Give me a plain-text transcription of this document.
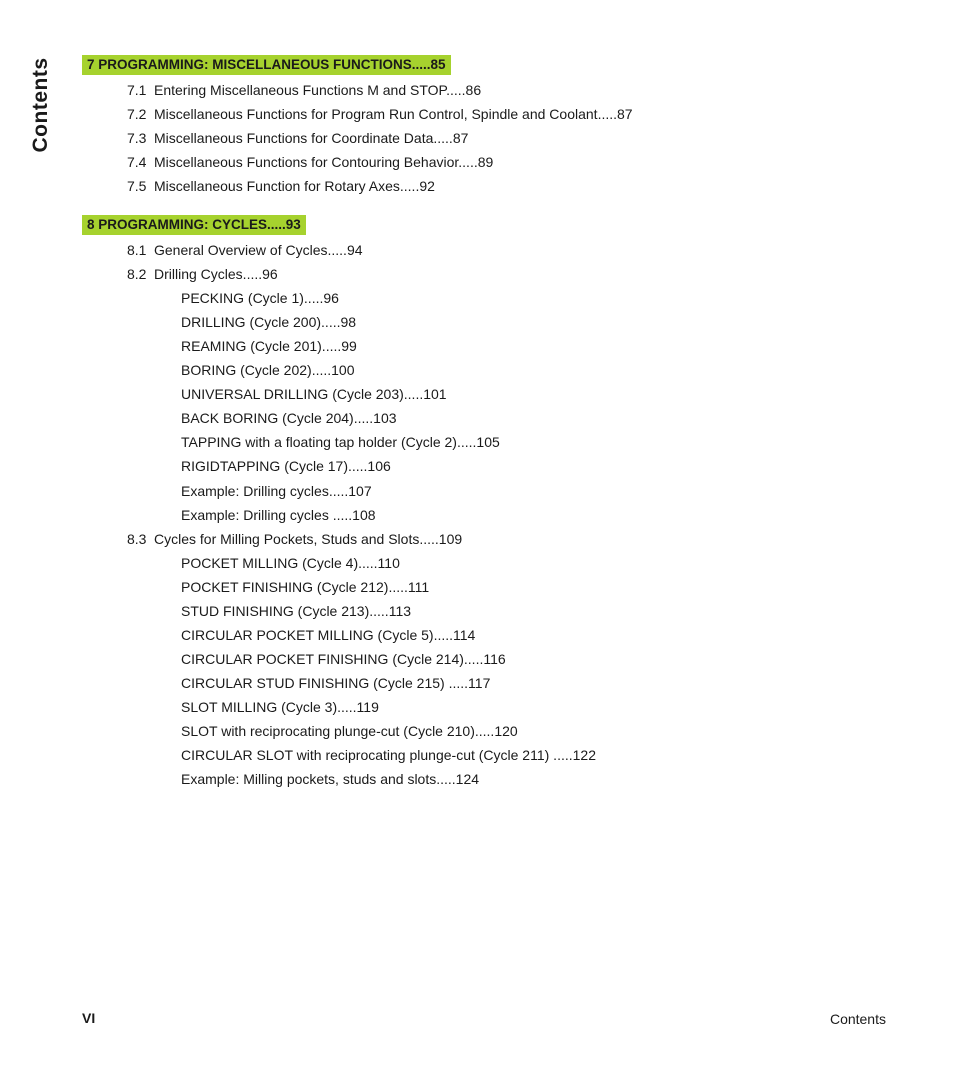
Contents	7 PROGRAMMING: MISCELLANEOUS FUNCTIONS.....85
7.1 Entering Miscellaneous Functions M and STOP.....86
7.2 Miscellaneous Functions for Program Run Control, Spindle and Coolant.....87
7.3 Miscellaneous Functions for Coordinate Data.....87
7.4 Miscellaneous Functions for Contouring Behavior.....89
7.5 Miscellaneous Function for Rotary Axes.....92
8 PROGRAMMING: CYCLES.....93
8.1 General Overview of Cycles.....94
8.2 Drilling Cycles.....96
PECKING (Cycle 1).....96
DRILLING (Cycle 200).....98
REAMING (Cycle 201).....99
BORING (Cycle 202).....100
UNIVERSAL DRILLING (Cycle 203).....101
BACK BORING (Cycle 204).....103
TAPPING with a floating tap holder (Cycle 2).....105
RIGIDTAPPING (Cycle 17).....106
Example: Drilling cycles.....107
Example: Drilling cycles .....108
8.3 Cycles for Milling Pockets, Studs and Slots.....109
POCKET MILLING (Cycle 4).....110
POCKET FINISHING (Cycle 212).....111
STUD FINISHING (Cycle 213).....113
CIRCULAR POCKET MILLING (Cycle 5).....114
CIRCULAR POCKET FINISHING (Cycle 214).....116
CIRCULAR STUD FINISHING (Cycle 215) .....117
SLOT MILLING (Cycle 3).....119
SLOT with reciprocating plunge-cut (Cycle 210).....120
CIRCULAR SLOT with reciprocating plunge-cut (Cycle 211) .....122
Example: Milling pockets, studs and slots.....124
VI	Contents
